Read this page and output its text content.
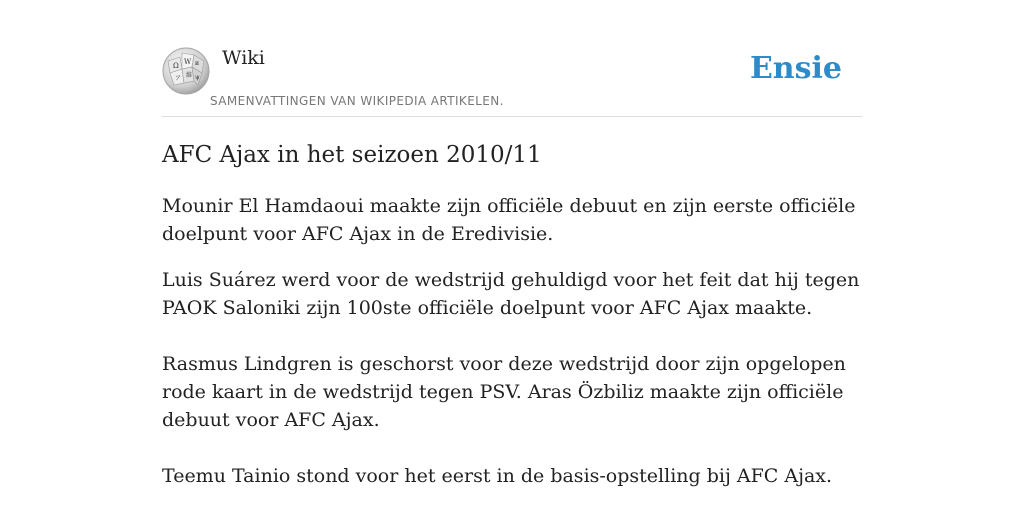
Ω W и
ア 維 ψ
Wiki
SAMENVATTINGEN VAN WIKIPEDIA ARTIKELEN.
Ensie
AFC Ajax in het seizoen 2010/11

Mounir El Hamdaoui maakte zijn officiële debuut en zijn eerste officiële doelpunt voor AFC Ajax in de Eredivisie.

Luis Suárez werd voor de wedstrijd gehuldigd voor het feit dat hij tegen PAOK Saloniki zijn 100ste officiële doelpunt voor AFC Ajax maakte.

Rasmus Lindgren is geschorst voor deze wedstrijd door zijn opgelopen rode kaart in de wedstrijd tegen PSV. Aras Özbiliz maakte zijn officiële debuut voor AFC Ajax.

Teemu Tainio stond voor het eerst in de basis-opstelling bij AFC Ajax.
